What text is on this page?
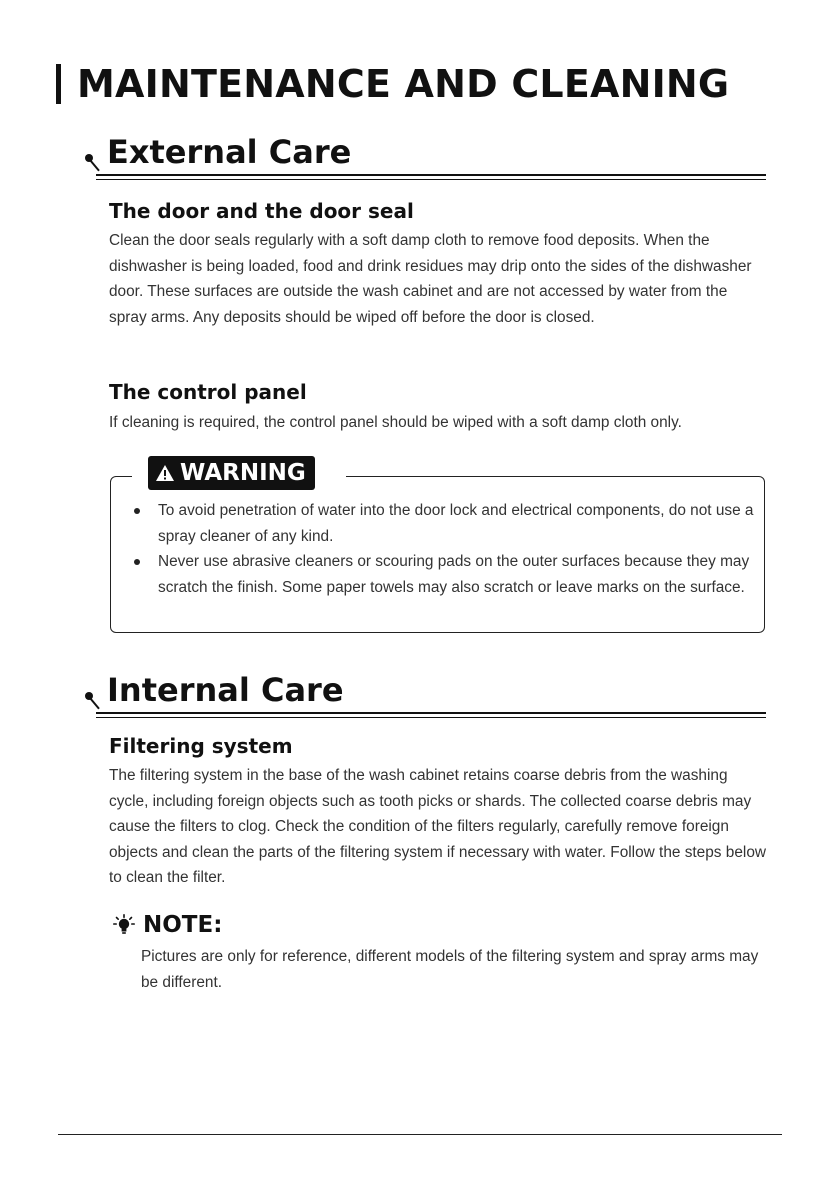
MAINTENANCE AND CLEANING
External Care
The door and the door seal

Clean the door seals regularly with a soft damp cloth to remove food deposits. When the dishwasher is being loaded, food and drink residues may drip onto the sides of the dishwasher door. These surfaces are outside the wash cabinet and are not accessed by water from the spray arms. Any deposits should be wiped off before the door is closed.

The control panel

If cleaning is required, the control panel should be wiped with a soft damp cloth only.

WARNING
To avoid penetration of water into the door lock and electrical components, do not use a spray cleaner of any kind.
Never use abrasive cleaners or scouring pads on the outer surfaces because they may scratch the finish. Some paper towels may also scratch or leave marks on the surface.
Internal Care
Filtering system

The filtering system in the base of the wash cabinet retains coarse debris from the washing cycle, including foreign objects such as tooth picks or shards. The collected coarse debris may cause the filters to clog. Check the condition of the filters regularly, carefully remove foreign objects and clean the parts of the filtering system if necessary with water. Follow the steps below to clean the filter.

NOTE:

Pictures are only for reference, different models of the filtering system and spray arms may be different.
